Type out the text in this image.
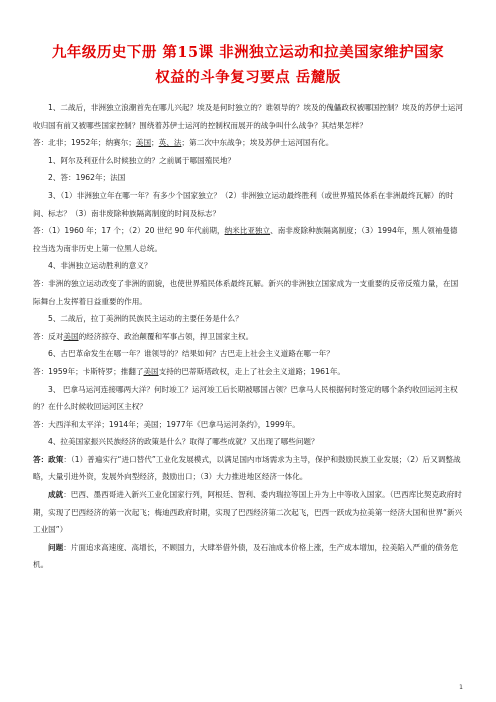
九年级历史下册 第15课 非洲独立运动和拉美国家维护国家
权益的斗争复习要点 岳麓版

1、二战后，非洲独立浪潮首先在哪儿兴起？埃及是何时独立的？谁领导的？埃及的傀儡政权被哪国控制？埃及的苏伊士运河收归国有前又被哪些国家控制？围绕着苏伊士运河的控制权而展开的战争叫什么战争？其结果怎样？

答：北非；1952年；纳赛尔；美国；英、法；第二次中东战争；埃及苏伊士运河国有化。

1、阿尔及利亚什么时候独立的？之前属于哪国殖民地？

2、答：1962年；法国

3、（1）非洲独立年在哪一年？有多少个国家独立？（2）非洲独立运动最终胜利（或世界殖民体系在非洲最终瓦解）的时间、标志？（3）南非废除种族隔离制度的时间及标志？

答：（1）1960 年；17 个；（2）20 世纪 90 年代前期，纳米比亚独立、南非废除种族隔离制度；（3）1994年，黑人领袖曼德拉当选为南非历史上第一位黑人总统。

4、非洲独立运动胜利的意义？

答：非洲的独立运动改变了非洲的面貌，也使世界殖民体系最终瓦解。新兴的非洲独立国家成为一支重要的反帝反殖力量，在国际舞台上发挥着日益重要的作用。

5、二战后，拉丁美洲的民族民主运动的主要任务是什么？

答：反对美国的经济掠夺、政治颠覆和军事占领，捍卫国家主权。

6、古巴革命发生在哪一年？谁领导的？结果如何？古巴走上社会主义道路在哪一年？

答：1959年；卡斯特罗；推翻了美国支持的巴蒂斯塔政权，走上了社会主义道路；1961年。

3、 巴拿马运河连接哪两大洋？何时竣工？运河竣工后长期被哪国占领？巴拿马人民根据何时签定的哪个条约收回运河主权的？在什么时候收回运河区主权？

答：大西洋和太平洋；1914年；美国；1977年《巴拿马运河条约》，1999年。

4、拉美国家振兴民族经济的政策是什么？取得了哪些成就？又出现了哪些问题？

答：政策：（1）普遍实行“进口替代”工业化发展模式，以满足国内市场需求为主导，保护和鼓励民族工业发展；（2）后又调整战略，大量引进外资，发展外向型经济，鼓励出口；（3）大力推进地区经济一体化。

成就：巴西、墨西哥进入新兴工业化国家行列，阿根廷、智利、委内瑞拉等国上升为上中等收入国家。（巴西库比契克政府时期，实现了巴西经济的第一次起飞；梅迪西政府时期，实现了巴西经济第二次起飞，巴西一跃成为拉美第一经济大国和世界“新兴工业国”）

问题：片面追求高速度、高增长，不顾国力，大肆举借外债，及石油成本价格上涨，生产成本增加，拉美陷入严重的债务危机。

1
